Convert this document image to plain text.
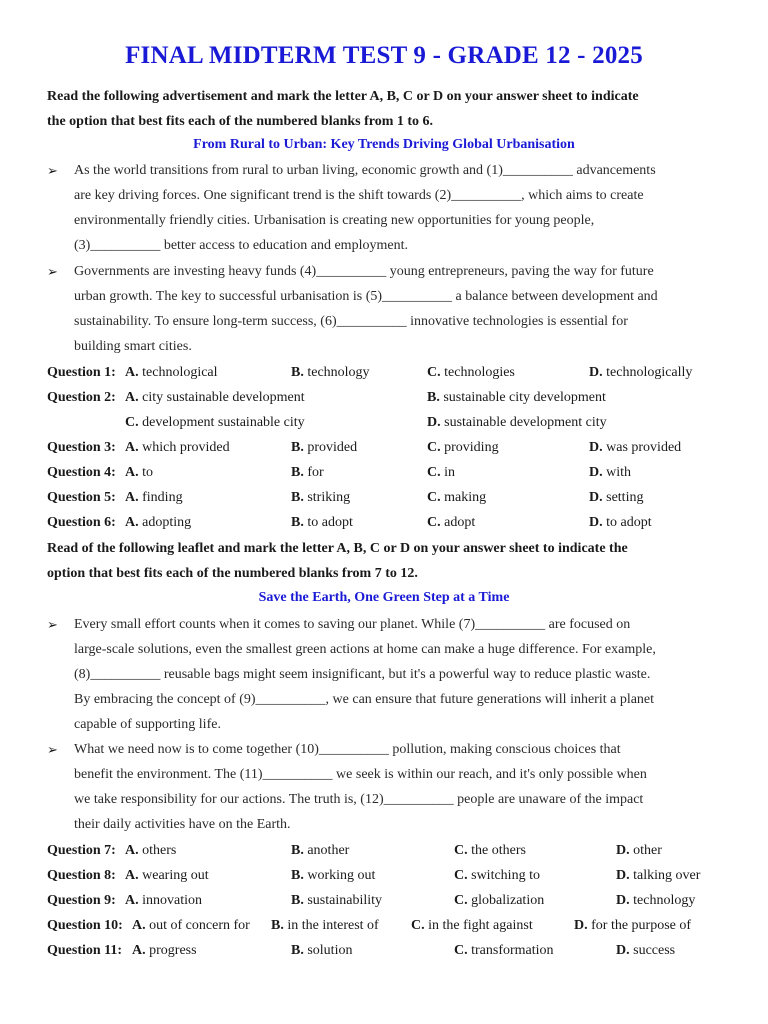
FINAL MIDTERM TEST 9 - GRADE 12 - 2025
Read the following advertisement and mark the letter A, B, C or D on your answer sheet to indicate
the option that best fits each of the numbered blanks from 1 to 6.
From Rural to Urban: Key Trends Driving Global Urbanisation
➢ As the world transitions from rural to urban living, economic growth and (1)__________ advancements
are key driving forces. One significant trend is the shift towards (2)__________, which aims to create
environmentally friendly cities. Urbanisation is creating new opportunities for young people,
(3)__________ better access to education and employment.
➢ Governments are investing heavy funds (4)__________ young entrepreneurs, paving the way for future
urban growth. The key to successful urbanisation is (5)__________ a balance between development and
sustainability. To ensure long-term success, (6)__________ innovative technologies is essential for
building smart cities.
Question 1: A. technological	B. technology	C. technologies	D. technologically
Question 2: A. city sustainable development	B. sustainable city development
C. development sustainable city	D. sustainable development city
Question 3: A. which provided	B. provided	C. providing	D. was provided
Question 4: A. to	B. for	C. in	D. with
Question 5: A. finding	B. striking	C. making	D. setting
Question 6: A. adopting	B. to adopt	C. adopt	D. to adopt
Read of the following leaflet and mark the letter A, B, C or D on your answer sheet to indicate the
option that best fits each of the numbered blanks from 7 to 12.
Save the Earth, One Green Step at a Time
➢ Every small effort counts when it comes to saving our planet. While (7)__________ are focused on
large-scale solutions, even the smallest green actions at home can make a huge difference. For example,
(8)__________ reusable bags might seem insignificant, but it's a powerful way to reduce plastic waste.
By embracing the concept of (9)__________, we can ensure that future generations will inherit a planet
capable of supporting life.
➢ What we need now is to come together (10)__________ pollution, making conscious choices that
benefit the environment. The (11)__________ we seek is within our reach, and it's only possible when
we take responsibility for our actions. The truth is, (12)__________ people are unaware of the impact
their daily activities have on the Earth.
Question 7: A. others	B. another	C. the others	D. other
Question 8: A. wearing out	B. working out	C. switching to	D. talking over
Question 9: A. innovation	B. sustainability	C. globalization	D. technology
Question 10: A. out of concern for B. in the interest of C. in the fight against	D. for the purpose of
Question 11: A. progress	B. solution	C. transformation	D. success
